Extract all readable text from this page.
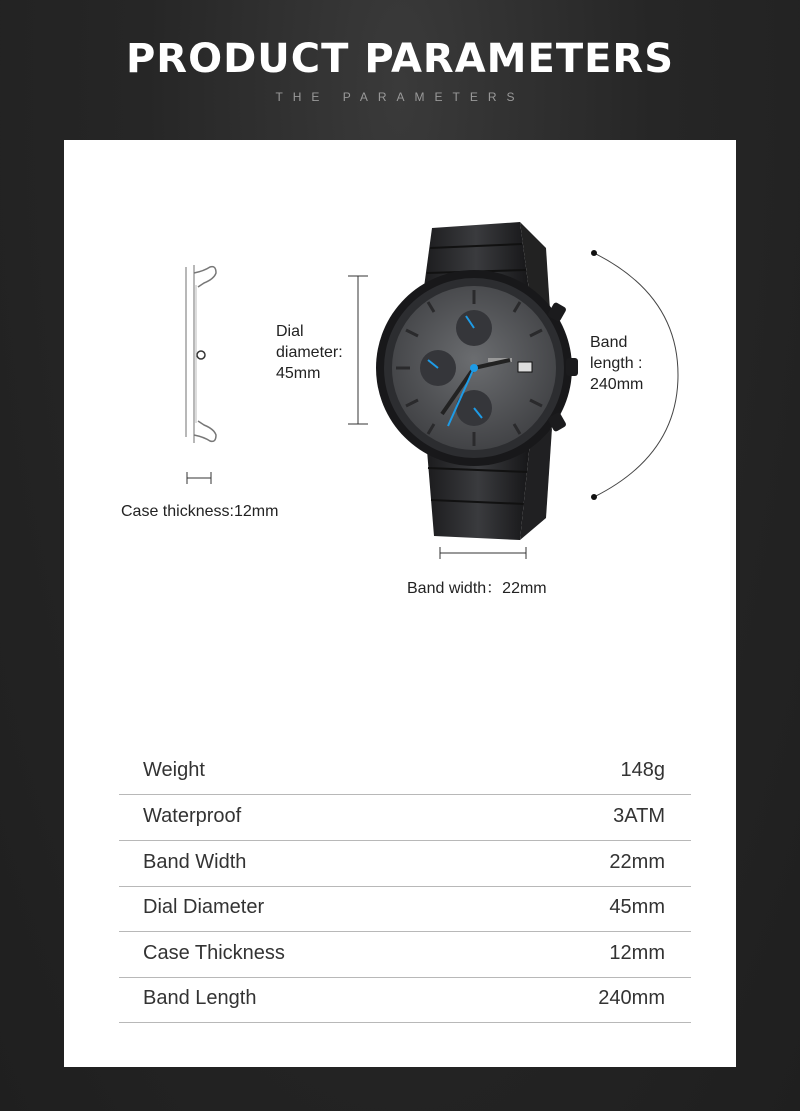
PRODUCT PARAMETERS

THE PARAMETERS

Case thickness:12mm
Dial
diameter:
45mm
Band
length :
240mm
Band width：22mm
Weight	148g
Waterproof	3ATM
Band Width	22mm
Dial Diameter	45mm
Case Thickness	12mm
Band Length	240mm
